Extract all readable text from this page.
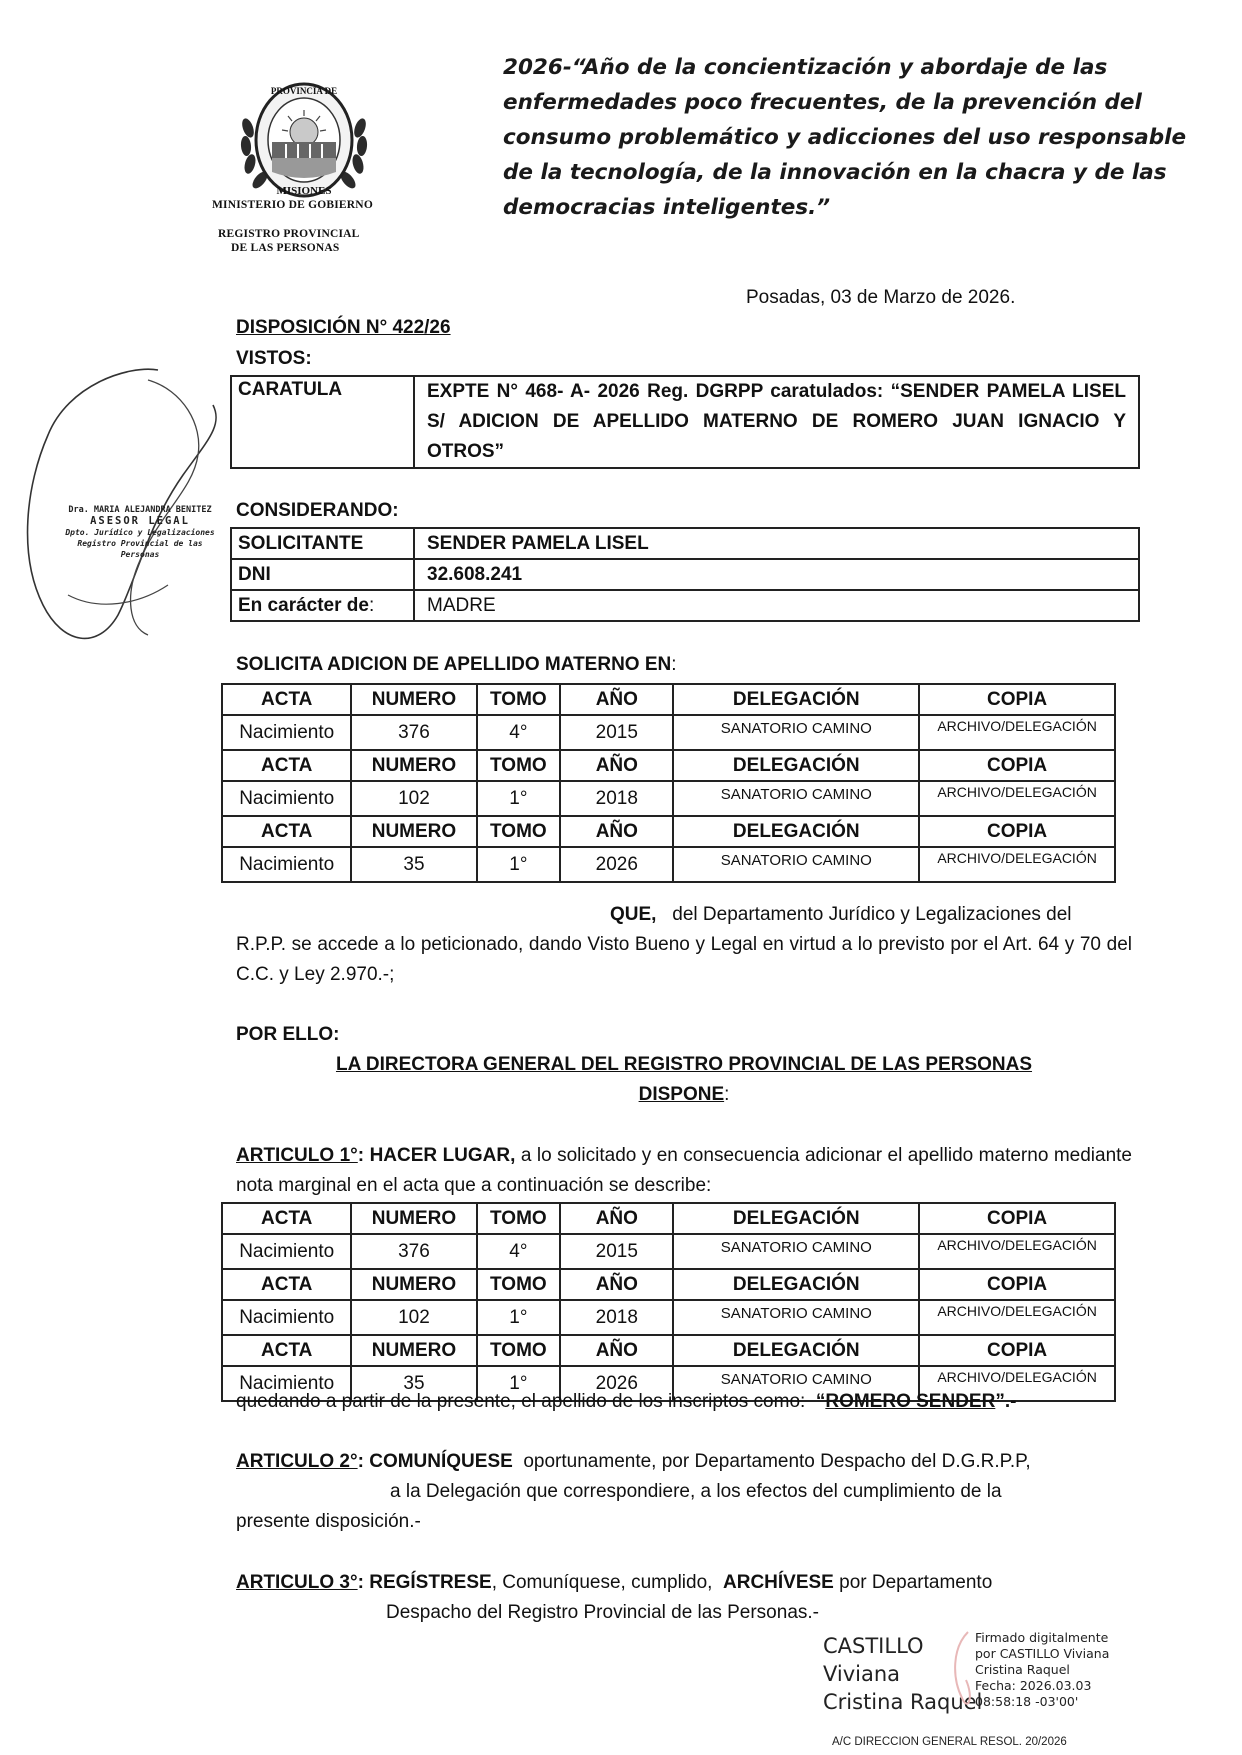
PROVINCIA DE
MISIONES
MINISTERIO DE GOBIERNO
REGISTRO PROVINCIAL
DE LAS PERSONAS
2026-“Año de la concientización y abordaje de las enfermedades poco frecuentes, de la prevención del consumo problemático y adicciones del uso responsable de la tecnología, de la innovación en la chacra y de las democracias inteligentes.”
Dra. MARIA ALEJANDRA BENITEZ
ASESOR LEGAL
Dpto. Jurídico y Legalizaciones
Registro Provincial de las Personas
Posadas, 03 de Marzo de 2026.
DISPOSICIÓN N° 422/26
VISTOS:
CARATULA	EXPTE N° 468- A- 2026 Reg. DGRPP caratulados: “SENDER PAMELA LISEL S/ ADICION DE APELLIDO MATERNO DE ROMERO JUAN IGNACIO Y OTROS”
CONSIDERANDO:
SOLICITANTE	SENDER PAMELA LISEL
DNI	32.608.241
En carácter de:	MADRE
SOLICITA ADICION DE APELLIDO MATERNO EN:
ACTA	NUMERO	TOMO	AÑO	DELEGACIÓN	COPIA
Nacimiento	376	4°	2015	SANATORIO CAMINO	ARCHIVO/DELEGACIÓN
ACTA	NUMERO	TOMO	AÑO	DELEGACIÓN	COPIA
Nacimiento	102	1°	2018	SANATORIO CAMINO	ARCHIVO/DELEGACIÓN
ACTA	NUMERO	TOMO	AÑO	DELEGACIÓN	COPIA
Nacimiento	35	1°	2026	SANATORIO CAMINO	ARCHIVO/DELEGACIÓN
QUE, del Departamento Jurídico y Legalizaciones del
R.P.P. se accede a lo peticionado, dando Visto Bueno y Legal en virtud a lo previsto por el Art. 64 y 70 del C.C. y Ley 2.970.-;
POR ELLO:
LA DIRECTORA GENERAL DEL REGISTRO PROVINCIAL DE LAS PERSONAS
DISPONE:
ARTICULO 1°: HACER LUGAR, a lo solicitado y en consecuencia adicionar el apellido materno mediante nota marginal en el acta que a continuación se describe:
ACTA	NUMERO	TOMO	AÑO	DELEGACIÓN	COPIA
Nacimiento	376	4°	2015	SANATORIO CAMINO	ARCHIVO/DELEGACIÓN
ACTA	NUMERO	TOMO	AÑO	DELEGACIÓN	COPIA
Nacimiento	102	1°	2018	SANATORIO CAMINO	ARCHIVO/DELEGACIÓN
ACTA	NUMERO	TOMO	AÑO	DELEGACIÓN	COPIA
Nacimiento	35	1°	2026	SANATORIO CAMINO	ARCHIVO/DELEGACIÓN
quedando a partir de la presente, el apellido de los inscriptos como: “ROMERO SENDER”.-
ARTICULO 2°: COMUNÍQUESE oportunamente, por Departamento Despacho del D.G.R.P.P,
a la Delegación que correspondiere, a los efectos del cumplimiento de la
presente disposición.-
ARTICULO 3°: REGÍSTRESE, Comuníquese, cumplido, ARCHÍVESE por Departamento
Despacho del Registro Provincial de las Personas.-
CASTILLO
Viviana
Cristina Raquel
Firmado digitalmente
por CASTILLO Viviana
Cristina Raquel
Fecha: 2026.03.03
08:58:18 -03'00'
A/C DIRECCION GENERAL RESOL. 20/2026
